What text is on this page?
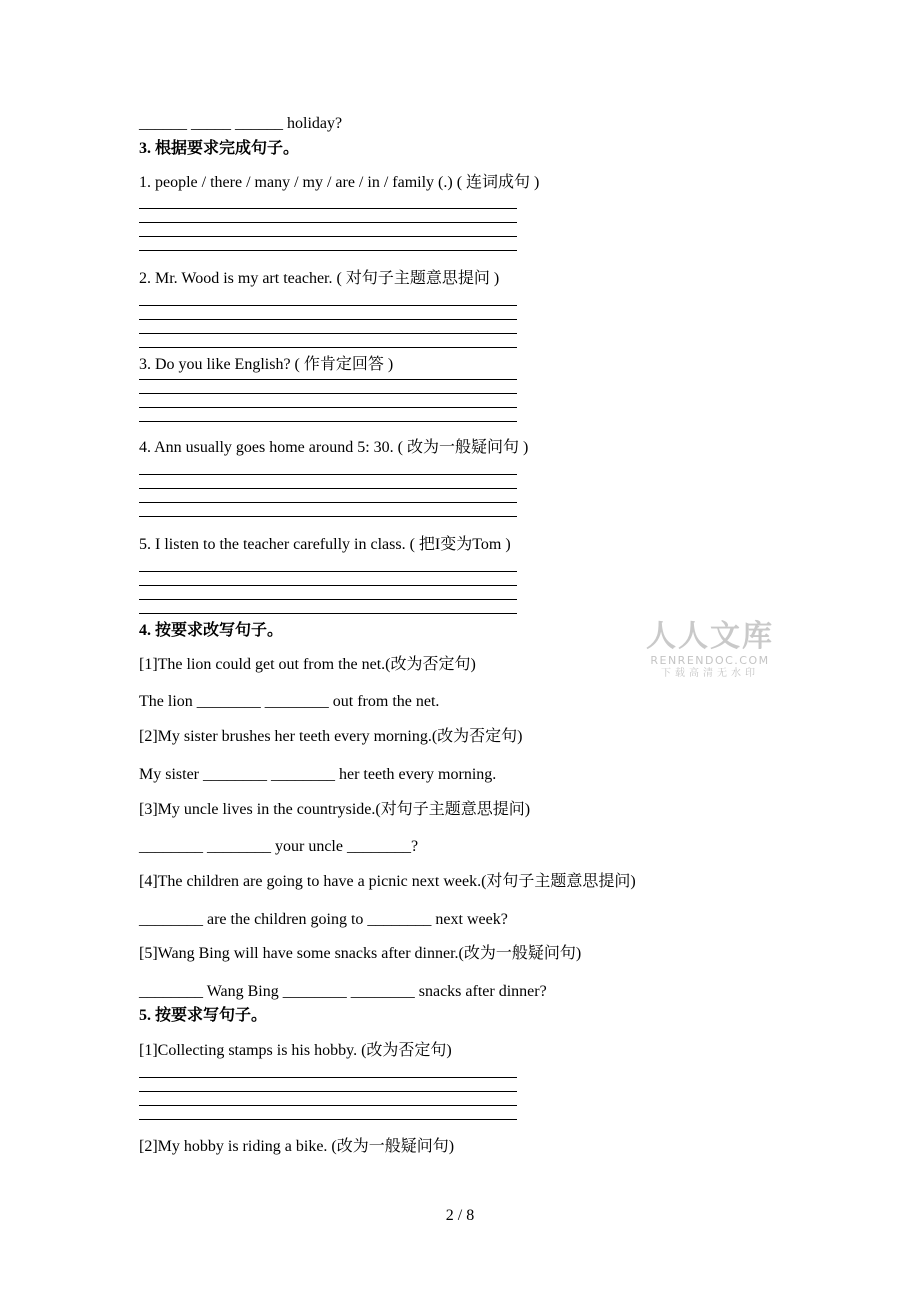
______ _____ ______ holiday?
3. 根据要求完成句子。
1. people / there / many / my / are / in / family (.) ( 连词成句 )
2. Mr. Wood is my art teacher. ( 对句子主题意思提问 )
3. Do you like English? ( 作肯定回答 )
4. Ann usually goes home around 5: 30. ( 改为一般疑问句 )
5. I listen to the teacher carefully in class. ( 把I变为Tom )
4. 按要求改写句子。
[1]The lion could get out from the net.(改为否定句)
The lion ________ ________ out from the net.
[2]My sister brushes her teeth every morning.(改为否定句)
My sister ________ ________ her teeth every morning.
[3]My uncle lives in the countryside.(对句子主题意思提问)
________ ________ your uncle ________?
[4]The children are going to have a picnic next week.(对句子主题意思提问)
________ are the children going to ________ next week?
[5]Wang Bing will have some snacks after dinner.(改为一般疑问句)
________ Wang Bing ________ ________ snacks after dinner?
5. 按要求写句子。
[1]Collecting stamps is his hobby. (改为否定句)
[2]My hobby is riding a bike. (改为一般疑问句)
人人文库
RENRENDOC.COM
下载高清无水印
2 / 8
